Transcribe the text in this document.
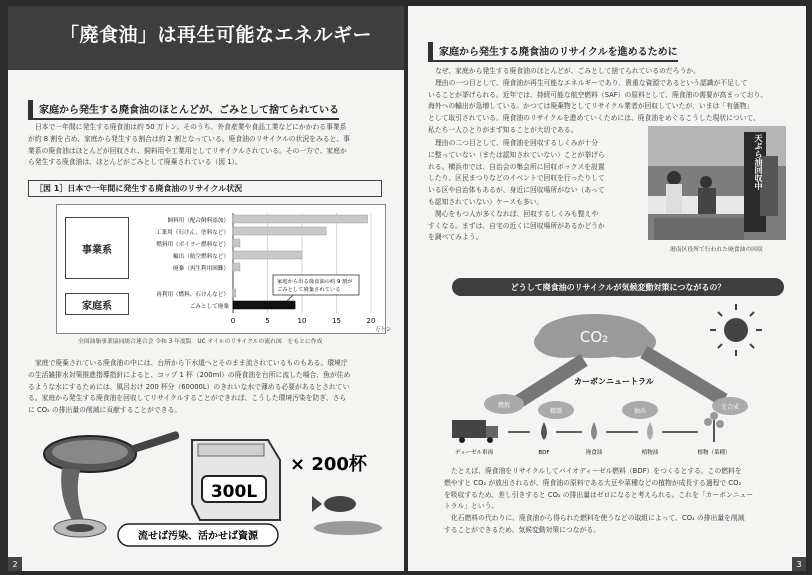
「廃食油」は再生可能なエネルギー
家庭から発生する廃食油のほとんどが、ごみとして捨てられている
日本で一年間に発生する廃食油は約 50 万トン。そのうち、外食産業や食品工業などにかかわる事業系
が約 8 割を占め、家庭から発生する割合は約 2 割となっている。廃食油のリサイクルの状況をみると、事
業系の廃食油はほとんどが回収され、飼料用や工業用としてリサイクルされている。その一方で、家庭か
ら発生する廃食油は、ほとんどがごみとして廃棄されている（図 1）。
［図 1］日本で一年間に発生する廃食油のリサイクル状況
事業系
家庭系
0	5	10	15	20
万トン
飼料用（配合飼料添加）
工業用（石けん、塗料など）
燃料用（ボイラー燃料など）
輸出（航空燃料など）
廃棄（再生利用困難）
再利用（燃料、石けんなど）
ごみとして廃棄
家庭から出る廃食油の約 9 割が
ごみとして廃棄されている
全国油脂事業協同組合連合会 令和 3 年度版　UC オイルのリサイクルの流れ図　をもとに作成
家庭で廃棄されている廃食油の中には、台所から下水道へとそのまま流されているものもある。環境庁
の生活雑排水対策推進指導指針によると、コップ 1 杯（200ml）の廃食油を台所に流した場合、魚が住め
るような水にするためには、風呂おけ 200 杯分（60000L）のきれいな水で薄める必要があるとされてい
る。家庭から発生する廃食油を回収してリサイクルすることができれば、こうした環境汚染を防ぎ、さら
に CO₂ の排出量の削減に貢献することができる。
300L
× 200杯
流せば汚染、活かせば資源
2
家庭から発生する廃食油のリサイクルを進めるために
なぜ、家庭から発生する廃食油のほとんどが、ごみとして捨てられているのだろうか。
理由の一つ目として、廃食油が再生可能なエネルギーであり、貴重な資源であるという認識が不足して
いることが挙げられる。近年では、持続可能な航空燃料（SAF）の原料として、廃食油の需要が高まっており、
海外への輸出が急増している。かつては廃棄物としてリサイクル業者が回収していたが、いまは「有価物」
として取引されている。廃食油のリサイクルを進めていくためには、廃食油をめぐるこうした現状について、
私たち一人ひとりがまず知ることが大切である。
理由の二つ目として、廃食油を回収するしくみが十分
に整っていない（または認知されていない）ことが挙げら
れる。横浜市では、自治会の集会所に回収ボックスを設置
したり、区民まつりなどのイベントで回収を行ったりして
いる区や自治体もあるが、身近に回収場所がない（あって
も認知されていない）ケースも多い。
関心をもつ人が多くなれば、回収するしくみも整えや
すくなる。まずは、自宅の近くに回収場所があるかどうか
を調べてみよう。
天ぷら油回収中
港南区役所で行われた廃食油の回収
どうして廃食油のリサイクルが気候変動対策につながるの？
CO₂
カーボンニュートラル
燃焼
精製	抽出
光合成
ディーゼル車両	BDF	廃食油	植物油	植物（菜種）
たとえば、廃食油をリサイクルしてバイオディーゼル燃料（BDF）をつくるとする。この燃料を
燃やすと CO₂ が放出されるが、廃食油の原料である大豆や菜種などの植物が成長する過程で CO₂
を吸収するため、差し引きすると CO₂ の排出量はゼロになると考えられる。これを「カーボンニュー
トラル」という。
化石燃料の代わりに、廃食油から得られた燃料を使うなどの取組によって、CO₂ の排出量を削減
することができるため、気候変動対策につながる。
3
